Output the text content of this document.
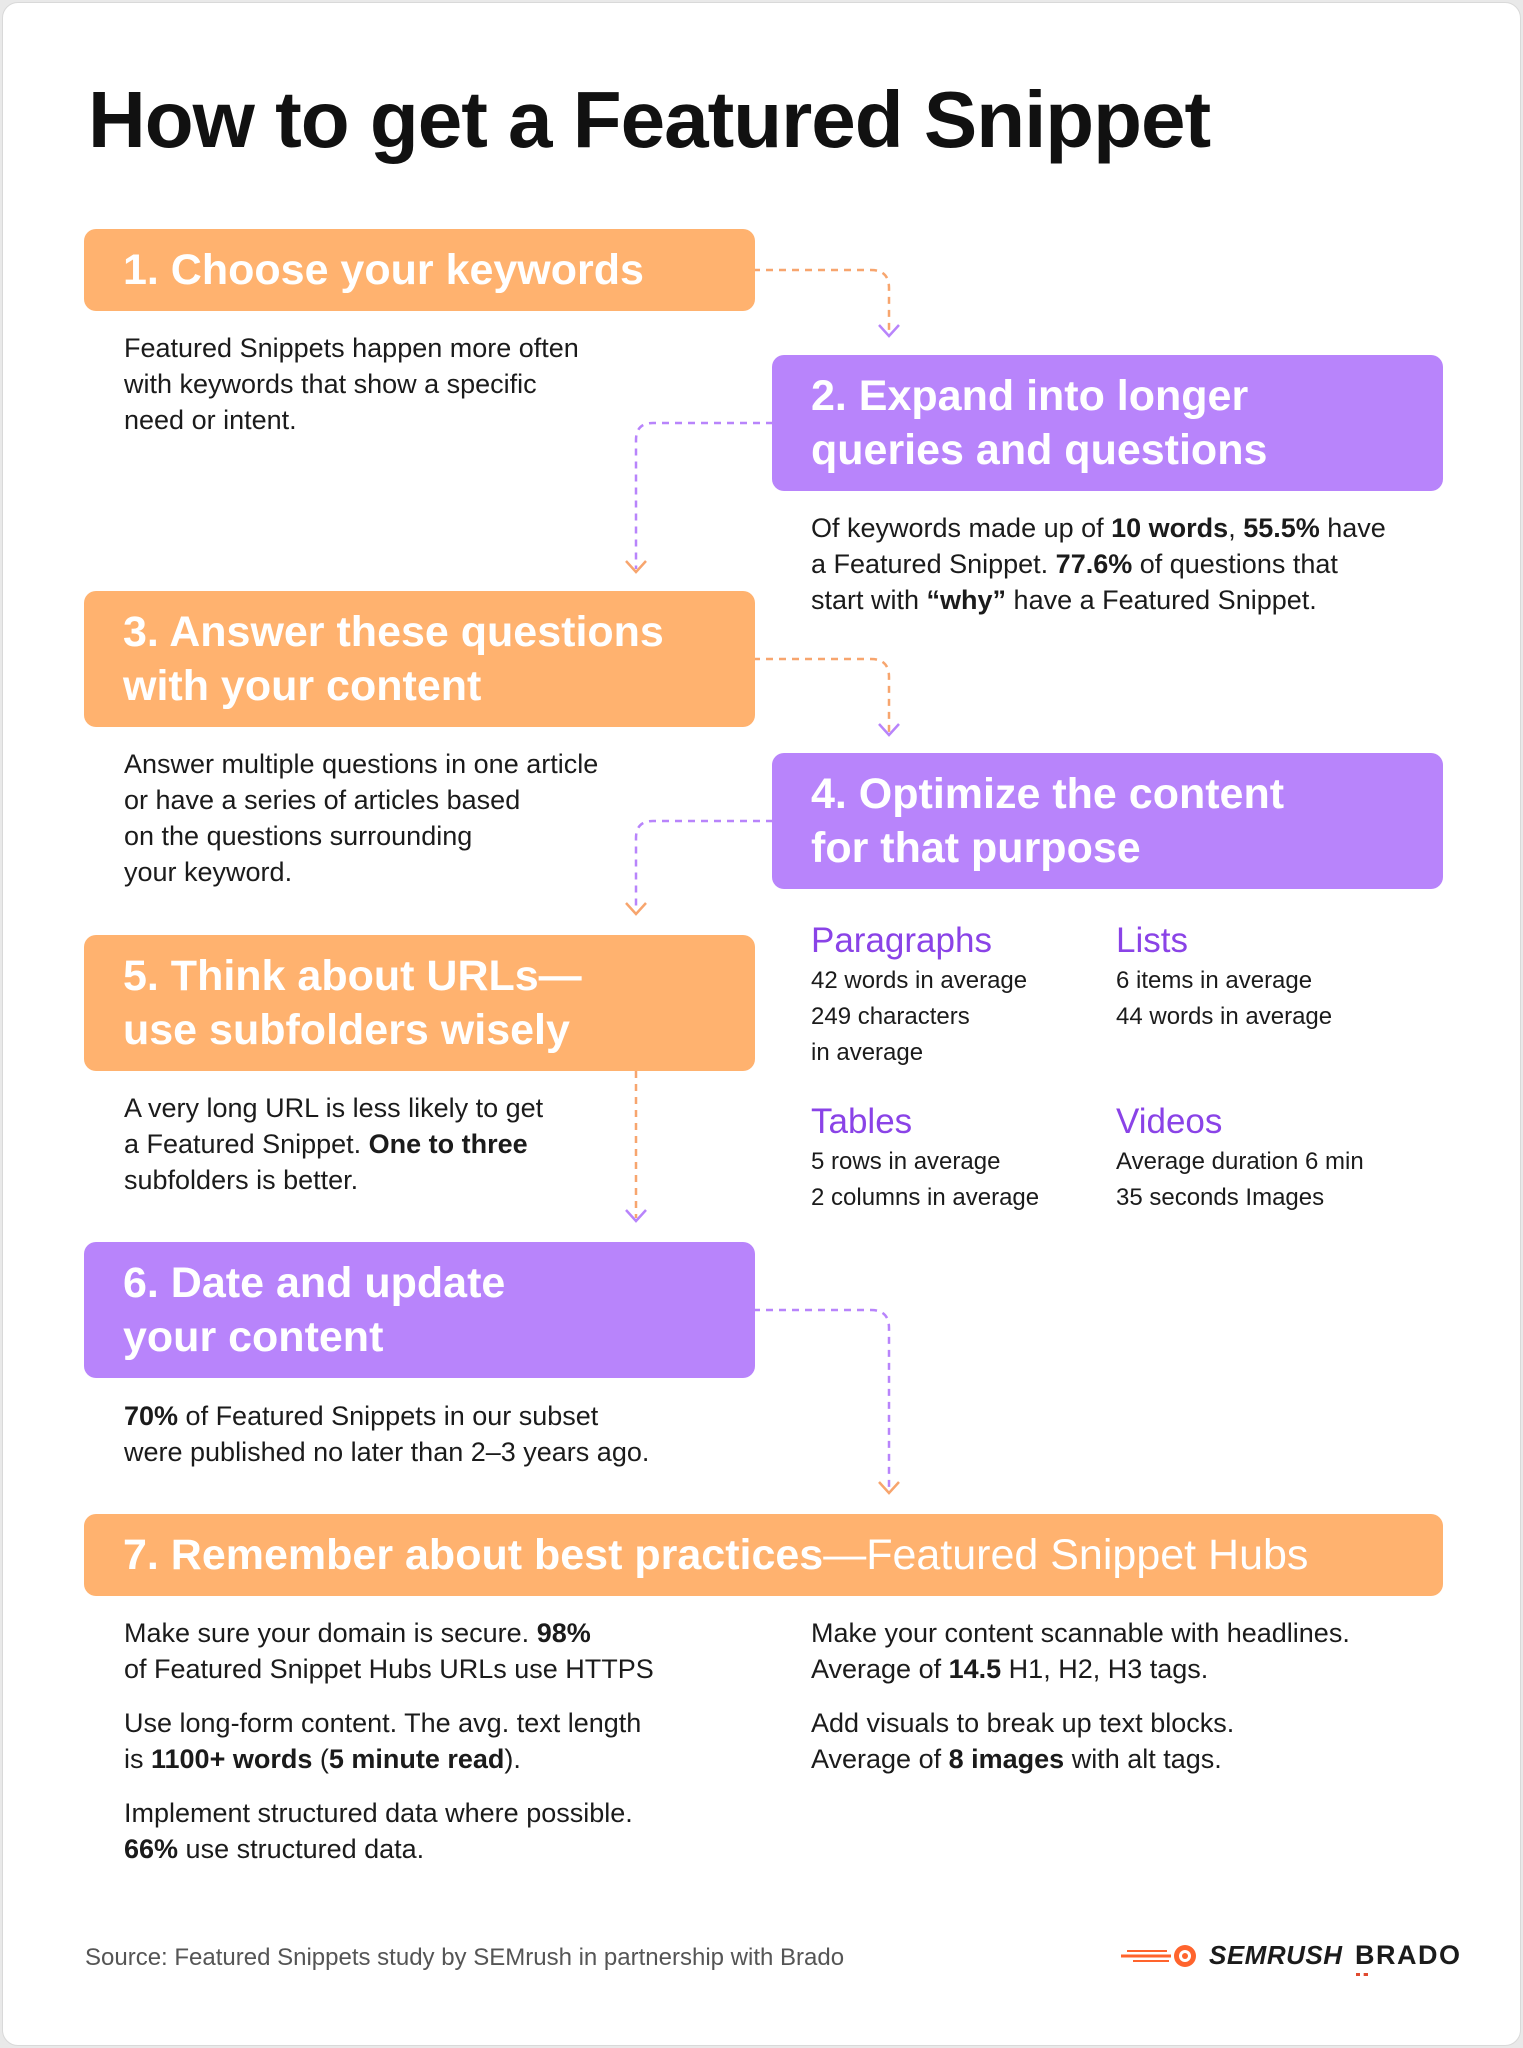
How to get a Featured Snippet
1. Choose your keywords
Featured Snippets happen more often
with keywords that show a specific
need or intent.	2. Expand into longer
queries and questions
Of keywords made up of 10 words, 55.5% have
a Featured Snippet. 77.6% of questions that
start with “why” have a Featured Snippet.
3. Answer these questions
with your content
Answer multiple questions in one article
or have a series of articles based
on the questions surrounding
your keyword.
4. Optimize the content
for that purpose
Paragraphs
42 words in average
249 characters
in average
Lists
6 items in average
44 words in average
Tables
5 rows in average
2 columns in average
Videos
Average duration 6 min
35 seconds Images
5. Think about URLs—
use subfolders wisely
A very long URL is less likely to get
a Featured Snippet. One to three
subfolders is better.
6. Date and update
your content
70% of Featured Snippets in our subset
were published no later than 2–3 years ago.
7. Remember about best practices—Featured Snippet Hubs
Make sure your domain is secure. 98%
of Featured Snippet Hubs URLs use HTTPS
Use long-form content. The avg. text length
is 1100+ words (5 minute read).
Implement structured data where possible.
66% use structured data.
Make your content scannable with headlines.
Average of 14.5 H1, H2, H3 tags.
Add visuals to break up text blocks.
Average of 8 images with alt tags.
Source: Featured Snippets study by SEMrush in partnership with Brado	SEMRUSH BRADO
